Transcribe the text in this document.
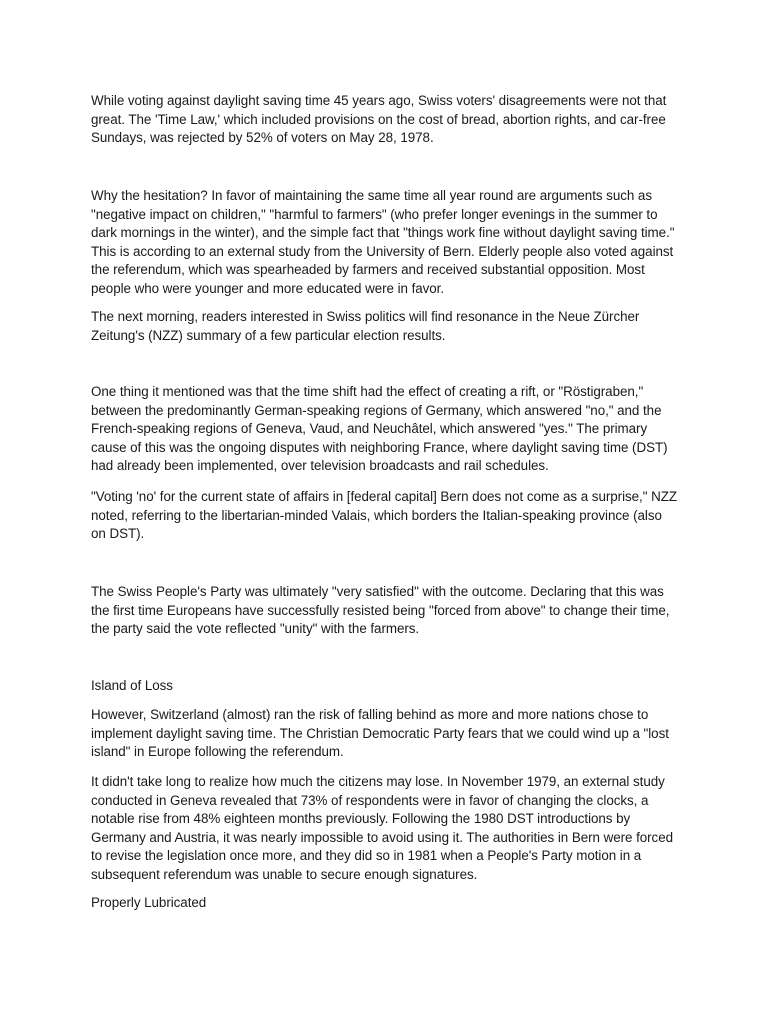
While voting against daylight saving time 45 years ago, Swiss voters' disagreements were not that great. The 'Time Law,' which included provisions on the cost of bread, abortion rights, and car-free Sundays, was rejected by 52% of voters on May 28, 1978.

Why the hesitation? In favor of maintaining the same time all year round are arguments such as "negative impact on children," "harmful to farmers" (who prefer longer evenings in the summer to dark mornings in the winter), and the simple fact that "things work fine without daylight saving time." This is according to an external study from the University of Bern. Elderly people also voted against the referendum, which was spearheaded by farmers and received substantial opposition. Most people who were younger and more educated were in favor.

The next morning, readers interested in Swiss politics will find resonance in the Neue Zürcher Zeitung's (NZZ) summary of a few particular election results.

One thing it mentioned was that the time shift had the effect of creating a rift, or "Röstigraben," between the predominantly German-speaking regions of Germany, which answered "no," and the French-speaking regions of Geneva, Vaud, and Neuchâtel, which answered "yes." The primary cause of this was the ongoing disputes with neighboring France, where daylight saving time (DST) had already been implemented, over television broadcasts and rail schedules.

"Voting 'no' for the current state of affairs in [federal capital] Bern does not come as a surprise," NZZ noted, referring to the libertarian-minded Valais, which borders the Italian-speaking province (also on DST).

The Swiss People's Party was ultimately "very satisfied" with the outcome. Declaring that this was the first time Europeans have successfully resisted being "forced from above" to change their time, the party said the vote reflected "unity" with the farmers.

Island of Loss

However, Switzerland (almost) ran the risk of falling behind as more and more nations chose to implement daylight saving time. The Christian Democratic Party fears that we could wind up a "lost island" in Europe following the referendum.

It didn't take long to realize how much the citizens may lose. In November 1979, an external study conducted in Geneva revealed that 73% of respondents were in favor of changing the clocks, a notable rise from 48% eighteen months previously. Following the 1980 DST introductions by Germany and Austria, it was nearly impossible to avoid using it. The authorities in Bern were forced to revise the legislation once more, and they did so in 1981 when a People's Party motion in a subsequent referendum was unable to secure enough signatures.

Properly Lubricated
